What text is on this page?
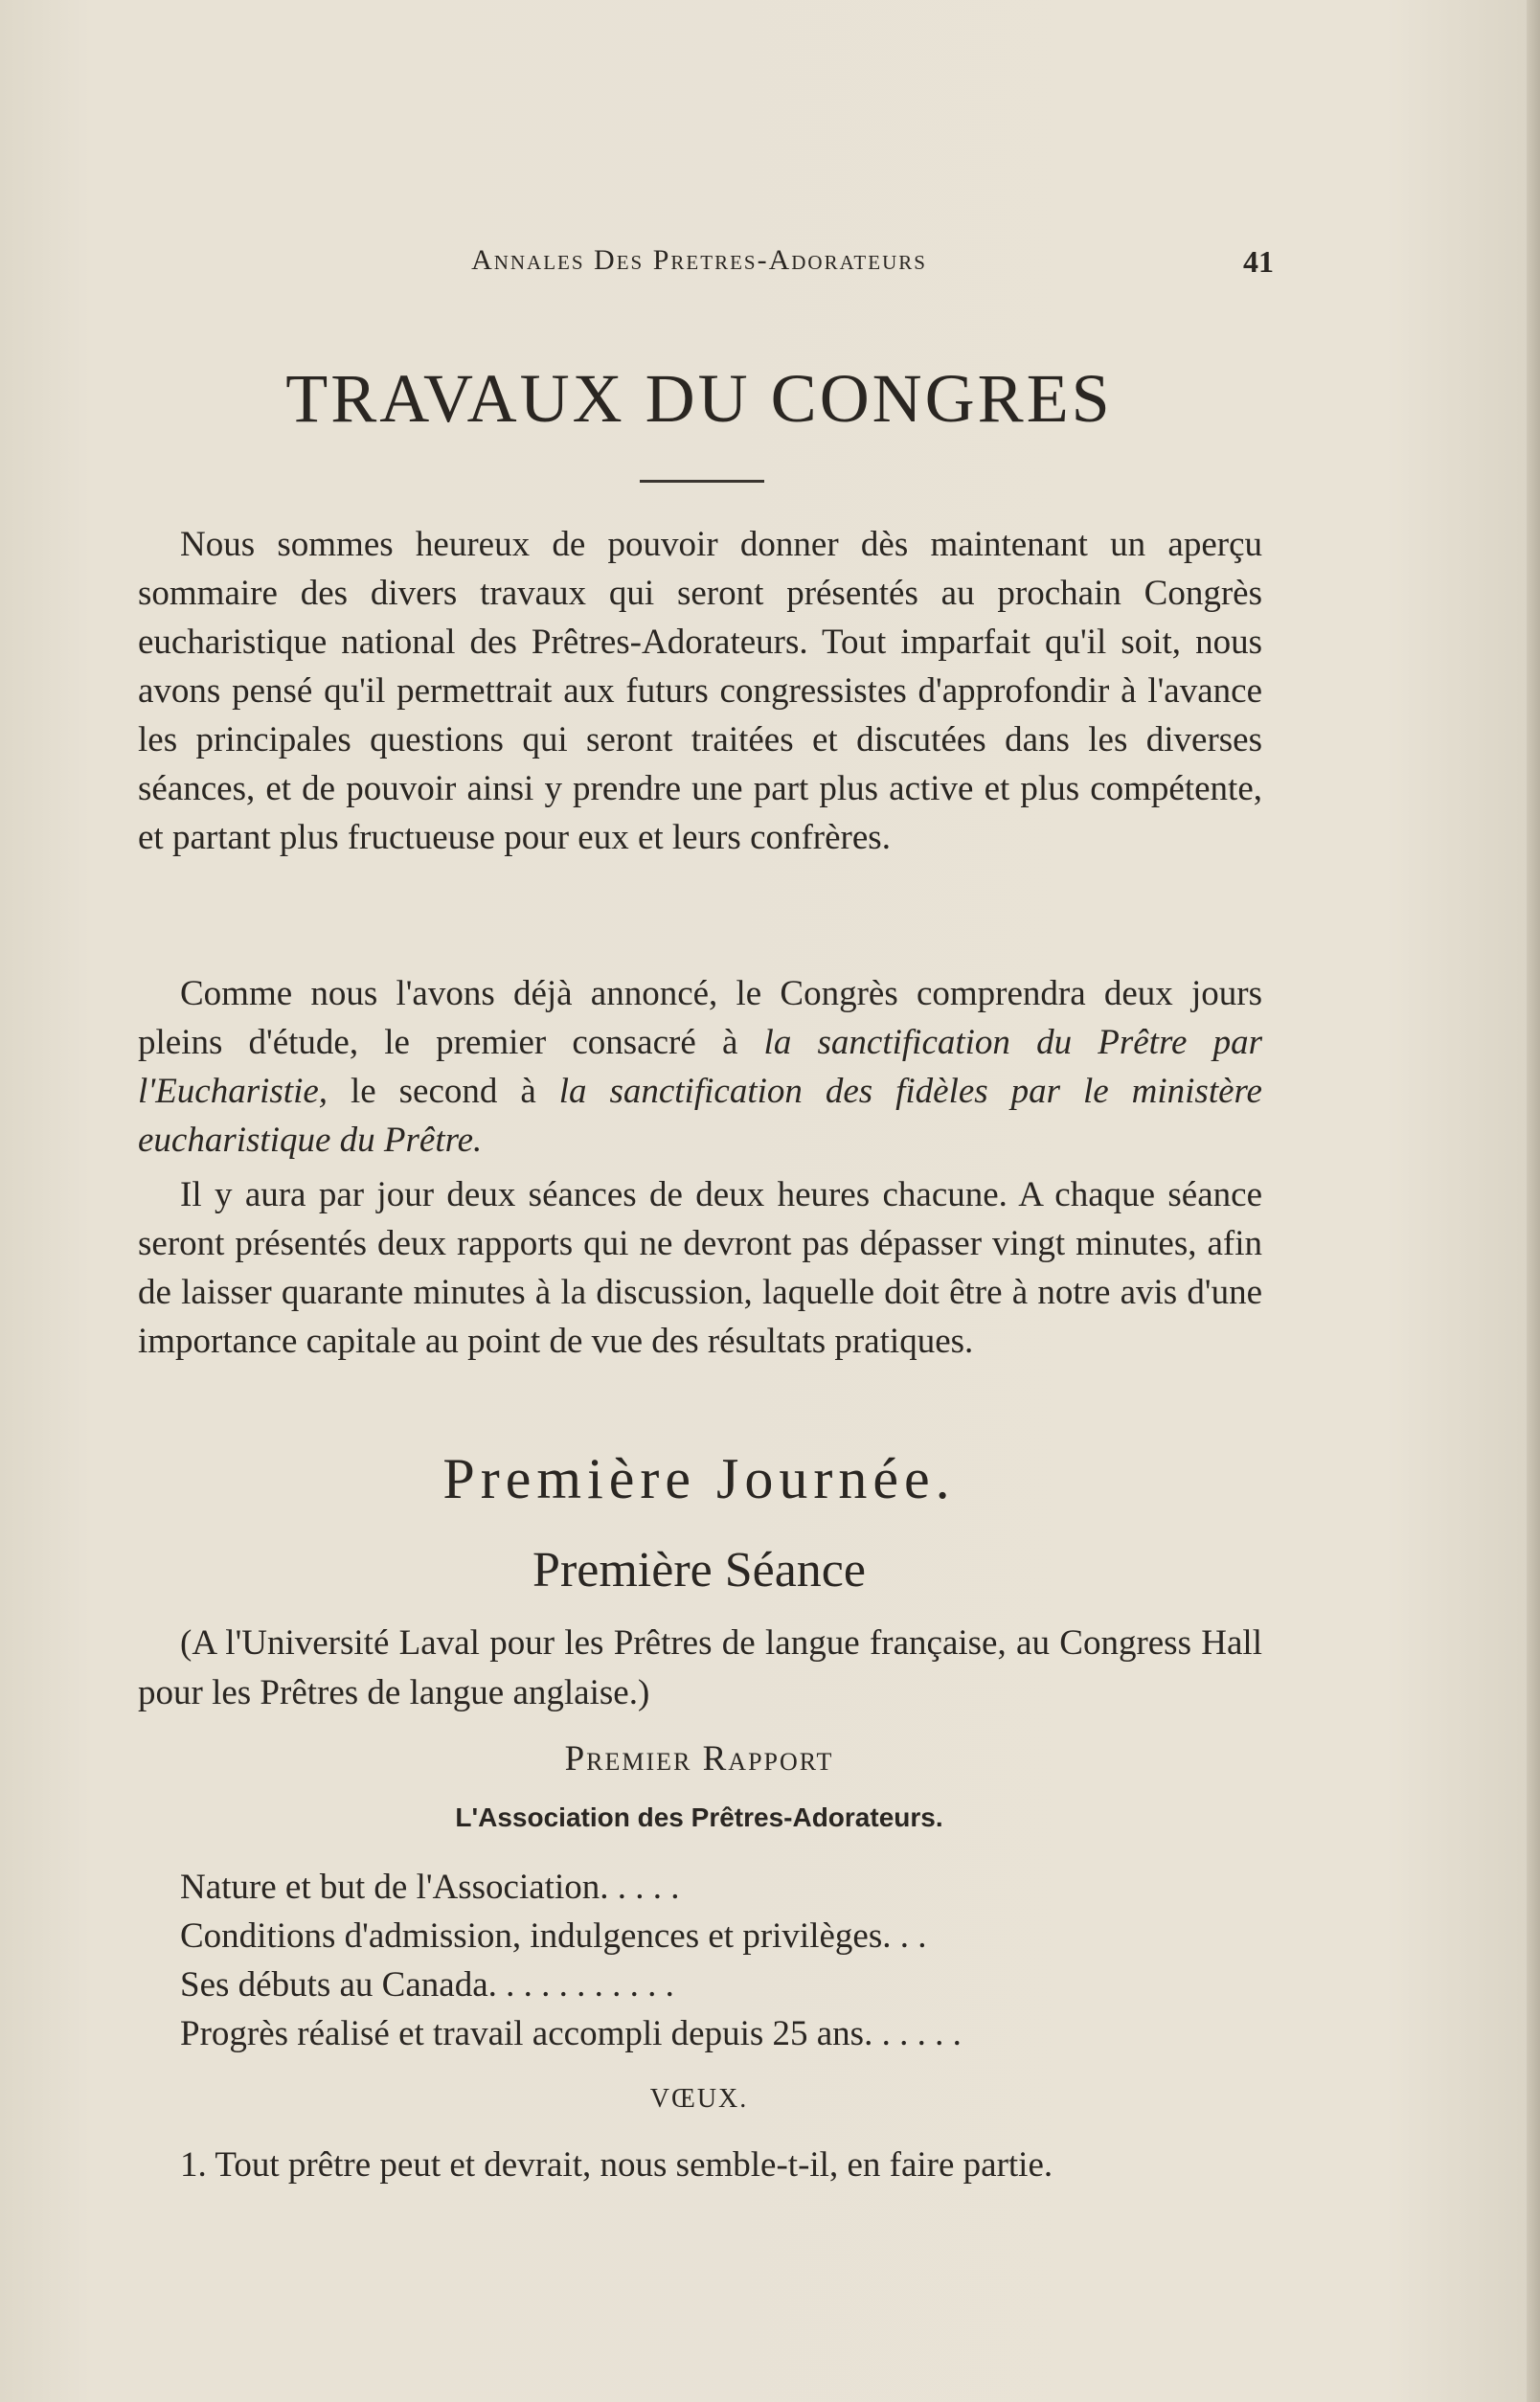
Annales Des Pretres-Adorateurs	41
TRAVAUX DU CONGRES

Nous sommes heureux de pouvoir donner dès maintenant un aperçu sommaire des divers travaux qui seront présentés au prochain Congrès eucharistique national des Prêtres-Adorateurs. Tout imparfait qu'il soit, nous avons pensé qu'il permettrait aux futurs congressistes d'approfondir à l'avance les principales questions qui seront traitées et discutées dans les diverses séances, et de pouvoir ainsi y prendre une part plus active et plus compétente, et partant plus fructueuse pour eux et leurs confrères.

Comme nous l'avons déjà annoncé, le Congrès comprendra deux jours pleins d'étude, le premier consacré à la sanctification du Prêtre par l'Eucharistie, le second à la sanctification des fidèles par le ministère eucharistique du Prêtre.

Il y aura par jour deux séances de deux heures chacune. A chaque séance seront présentés deux rapports qui ne devront pas dépasser vingt minutes, afin de laisser quarante minutes à la discussion, laquelle doit être à notre avis d'une importance capitale au point de vue des résultats pratiques.

Première Journée.
Première Séance

(A l'Université Laval pour les Prêtres de langue française, au Congress Hall pour les Prêtres de langue anglaise.)

Premier Rapport
L'Association des Prêtres-Adorateurs.
Nature et but de l'Association. . . . .
Conditions d'admission, indulgences et privilèges. . .
Ses débuts au Canada. . . . . . . . . . .
Progrès réalisé et travail accompli depuis 25 ans. . . . . .
VŒUX.

1. Tout prêtre peut et devrait, nous semble-t-il, en faire partie.
